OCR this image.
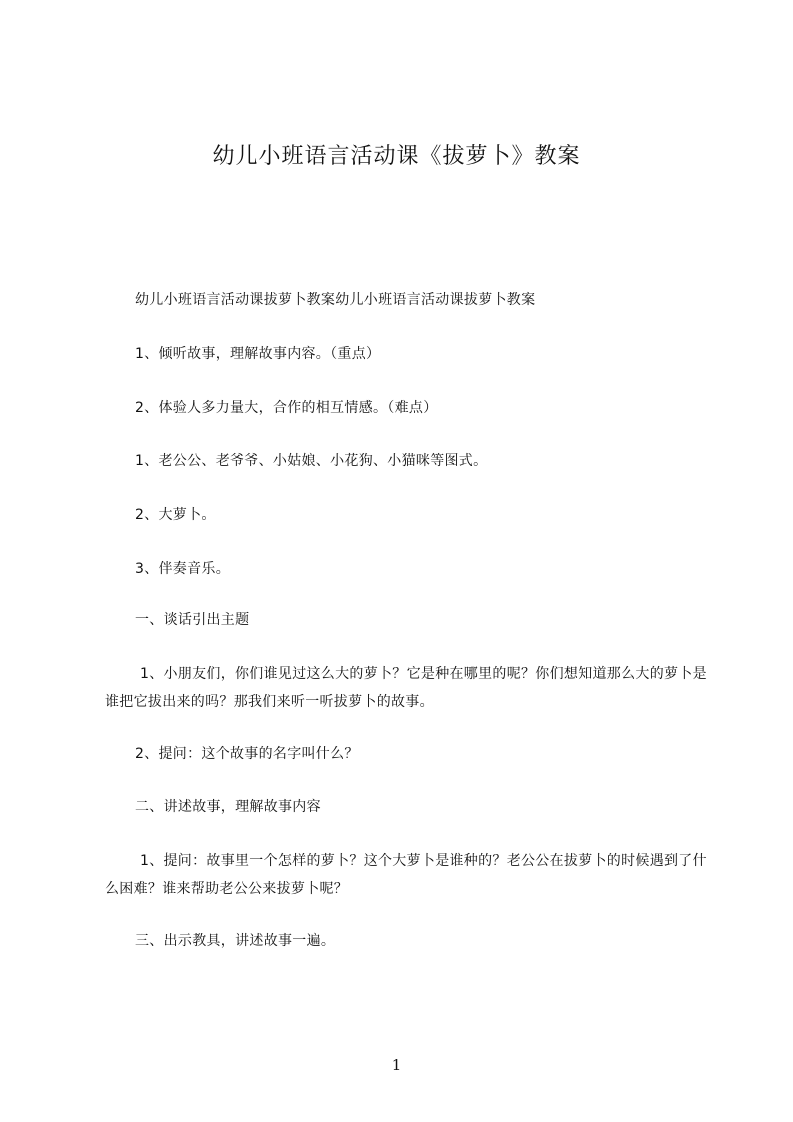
幼儿小班语言活动课《拔萝卜》教案
幼儿小班语言活动课拔萝卜教案幼儿小班语言活动课拔萝卜教案
1、倾听故事，理解故事内容。（重点）
2、体验人多力量大，合作的相互情感。（难点）
1、老公公、老爷爷、小姑娘、小花狗、小猫咪等图式。
2、大萝卜。
3、伴奏音乐。
一、谈话引出主题
1、小朋友们，你们谁见过这么大的萝卜？它是种在哪里的呢？你们想知道那么大的萝卜是谁把它拔出来的吗？那我们来听一听拔萝卜的故事。
2、提问：这个故事的名字叫什么？
二、讲述故事，理解故事内容
1、提问：故事里一个怎样的萝卜？这个大萝卜是谁种的？老公公在拔萝卜的时候遇到了什么困难？谁来帮助老公公来拔萝卜呢？
三、出示教具，讲述故事一遍。
1
